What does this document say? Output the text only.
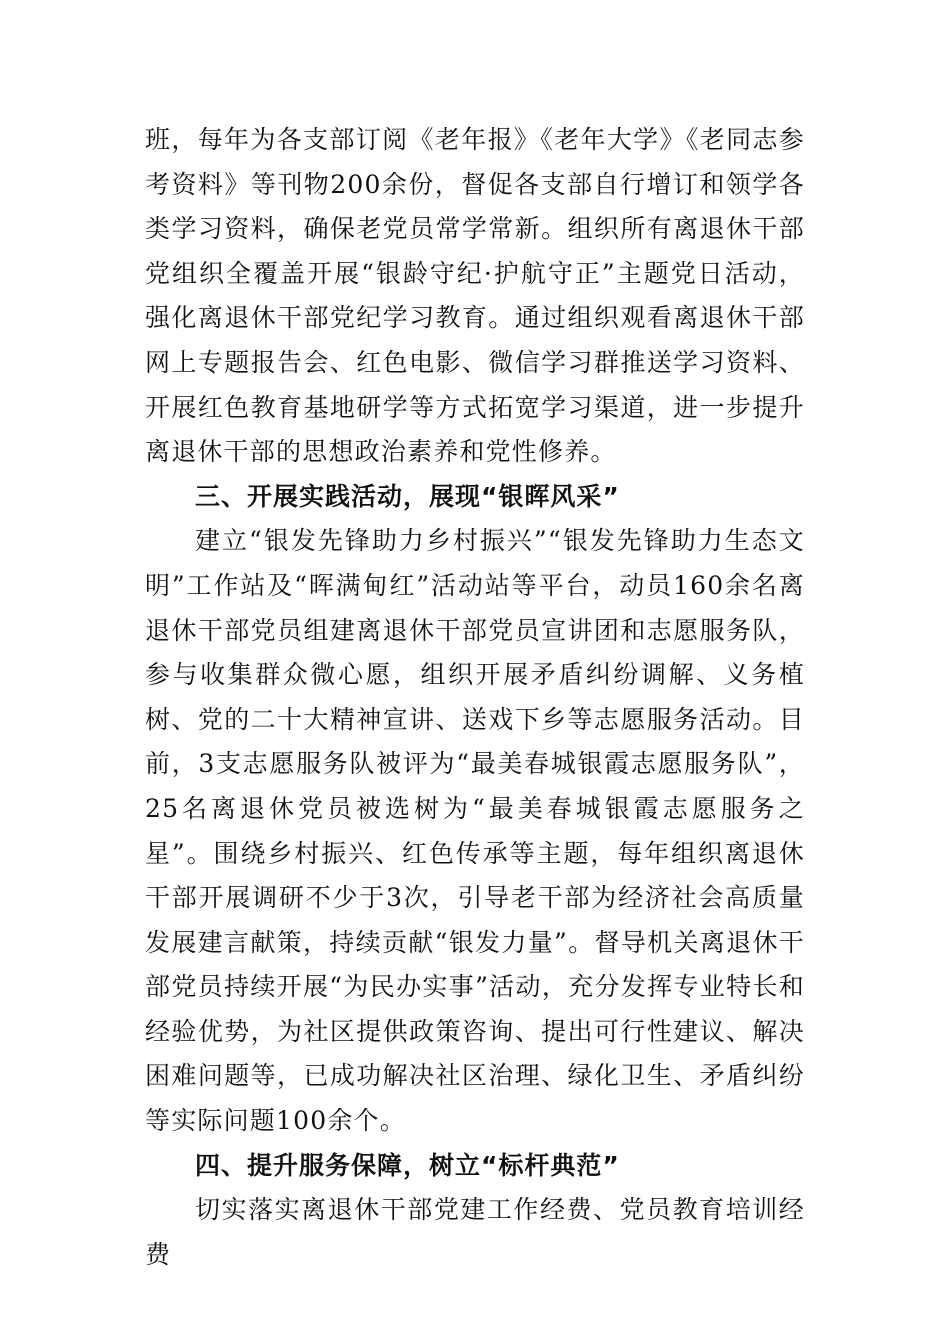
班，每年为各支部订阅《老年报》《老年大学》《老同志参考资料》等刊物200余份，督促各支部自行增订和领学各类学习资料，确保老党员常学常新。组织所有离退休干部党组织全覆盖开展“银龄守纪·护航守正”主题党日活动，强化离退休干部党纪学习教育。通过组织观看离退休干部网上专题报告会、红色电影、微信学习群推送学习资料、开展红色教育基地研学等方式拓宽学习渠道，进一步提升离退休干部的思想政治素养和党性修养。

三、开展实践活动，展现“银晖风采”

建立“银发先锋助力乡村振兴”“银发先锋助力生态文明”工作站及“晖满甸红”活动站等平台，动员160余名离退休干部党员组建离退休干部党员宣讲团和志愿服务队，参与收集群众微心愿，组织开展矛盾纠纷调解、义务植树、党的二十大精神宣讲、送戏下乡等志愿服务活动。目前，3支志愿服务队被评为“最美春城银霞志愿服务队”，25名离退休党员被选树为“最美春城银霞志愿服务之星”。围绕乡村振兴、红色传承等主题，每年组织离退休干部开展调研不少于3次，引导老干部为经济社会高质量发展建言献策，持续贡献“银发力量”。督导机关离退休干部党员持续开展“为民办实事”活动，充分发挥专业特长和经验优势，为社区提供政策咨询、提出可行性建议、解决困难问题等，已成功解决社区治理、绿化卫生、矛盾纠纷等实际问题100余个。

四、提升服务保障，树立“标杆典范”

切实落实离退休干部党建工作经费、党员教育培训经费
